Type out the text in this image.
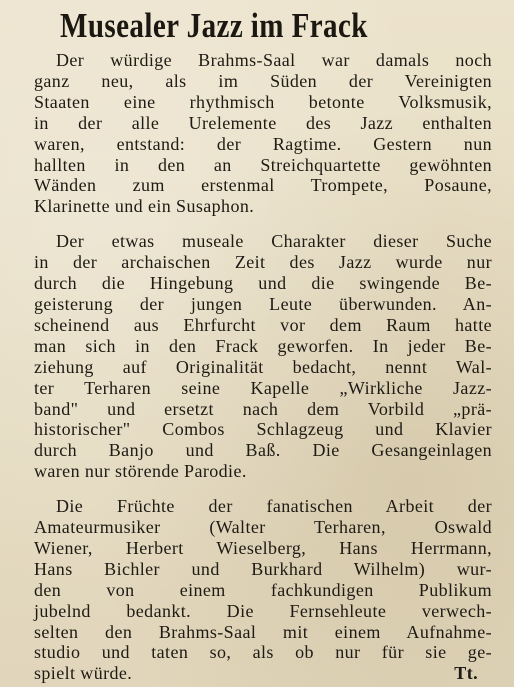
Musealer Jazz im Frack
Der würdige Brahms-Saal war damals noch
ganz neu, als im Süden der Vereinigten
Staaten eine rhythmisch betonte Volksmusik,
in der alle Urelemente des Jazz enthalten
waren, entstand: der Ragtime. Gestern nun
hallten in den an Streichquartette gewöhnten
Wänden zum erstenmal Trompete, Posaune,
Klarinette und ein Susaphon.
Der etwas museale Charakter dieser Suche
in der archaischen Zeit des Jazz wurde nur
durch die Hingebung und die swingende Be-
geisterung der jungen Leute überwunden. An-
scheinend aus Ehrfurcht vor dem Raum hatte
man sich in den Frack geworfen. In jeder Be-
ziehung auf Originalität bedacht, nennt Wal-
ter Terharen seine Kapelle „Wirkliche Jazz-
band" und ersetzt nach dem Vorbild „prä-
historischer" Combos Schlagzeug und Klavier
durch Banjo und Baß. Die Gesangeinlagen
waren nur störende Parodie.
Die Früchte der fanatischen Arbeit der
Amateurmusiker (Walter Terharen, Oswald
Wiener, Herbert Wieselberg, Hans Herrmann,
Hans Bichler und Burkhard Wilhelm) wur-
den von einem fachkundigen Publikum
jubelnd bedankt. Die Fernsehleute verwech-
selten den Brahms-Saal mit einem Aufnahme-
studio und taten so, als ob nur für sie ge-
spielt würde.	Tt.
